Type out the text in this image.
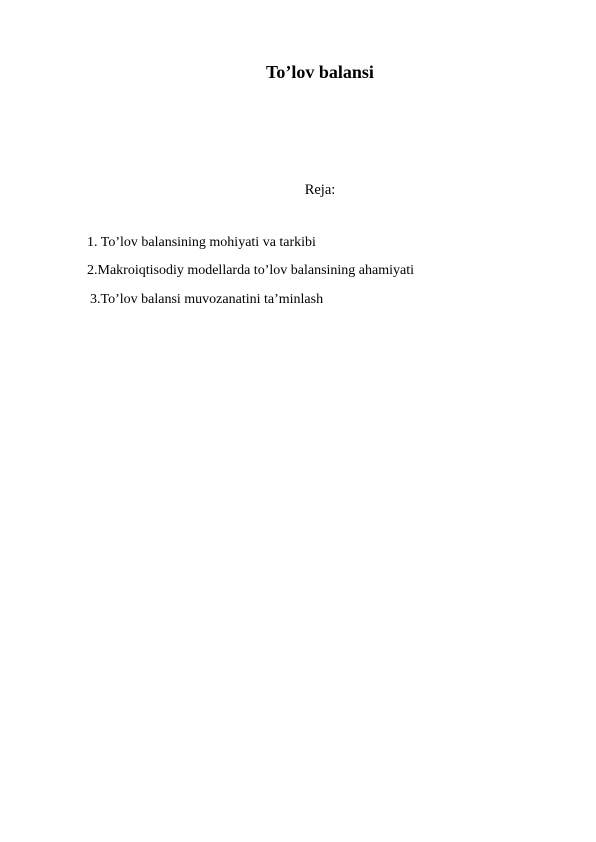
To’lov balansi
Reja:
1. To’lov balansining mohiyati va tarkibi
2.Makroiqtisodiy modellarda to’lov balansining ahamiyati
3.To’lov balansi muvozanatini ta’minlash
